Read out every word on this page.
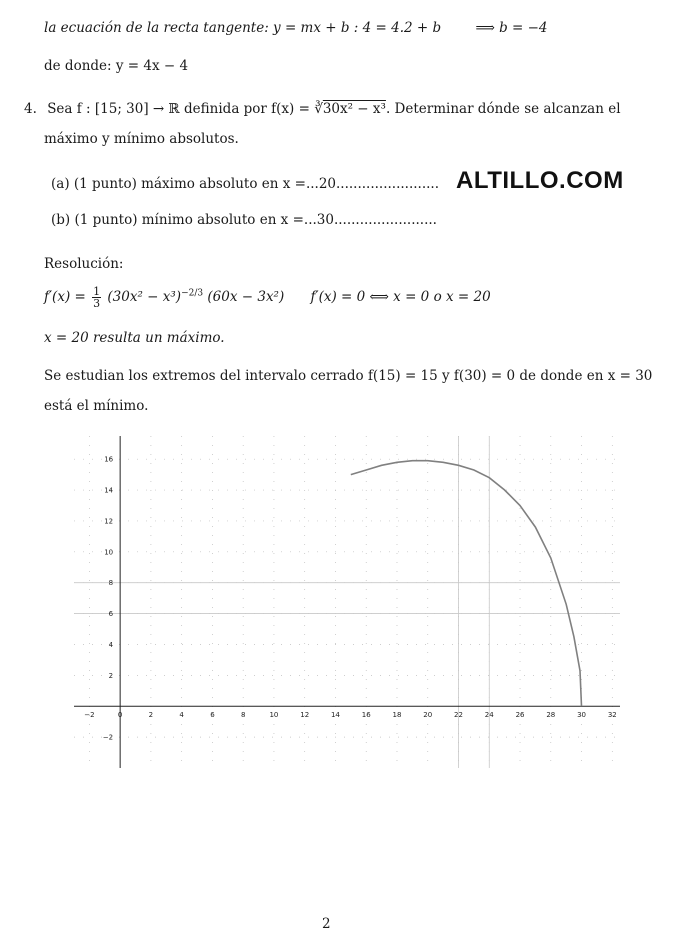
la ecuación de la recta tangente: y = mx + b : 4 = 4.2 + b	⟹ b = −4
de donde: y = 4x − 4
4. Sea f : [15; 30] → ℝ definida por f(x) = ∛30x² − x³. Determinar dónde se alcanzan el
máximo y mínimo absolutos.
(a) (1 punto) máximo absoluto en x =...20........................ ALTILLO.COM
(b) (1 punto) mínimo absoluto en x =...30........................
Resolución:
$f'(x) = \frac{1}{3} (30x^2 - x^3)^{-2/3}$ (60x − 3x²) f′(x) = 0 ⟺ x = 0 o x = 20
x = 20 resulta un máximo.
Se estudian los extremos del intervalo cerrado f(15) = 15 y f(30) = 0 de donde en x = 30
está el mínimo.
−2	0	2	4	6	8	10	12	14	16	18	20	22	24	26	28	30	32
−2
2
4
6
8
10
12
14
16
2
